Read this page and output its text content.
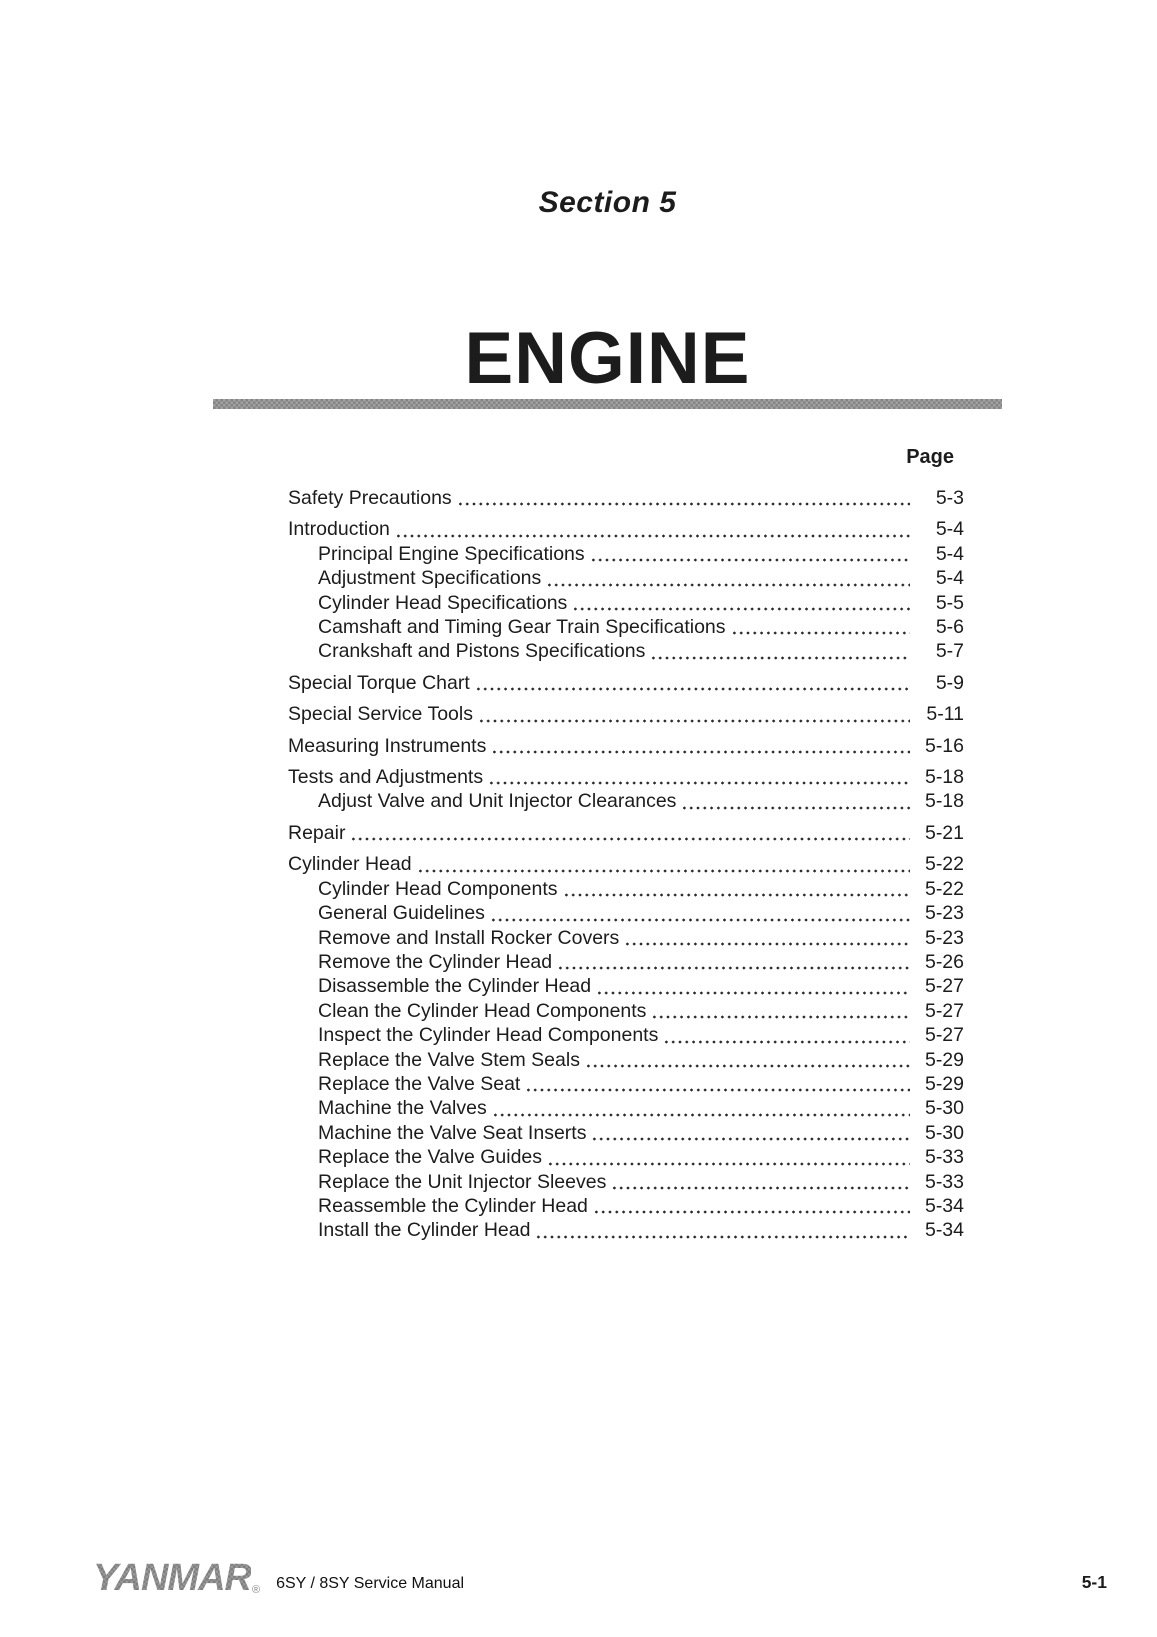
Section 5
ENGINE
Page
Safety Precautions	5-3
Introduction	5-4
Principal Engine Specifications	5-4
Adjustment Specifications	5-4
Cylinder Head Specifications	5-5
Camshaft and Timing Gear Train Specifications	5-6
Crankshaft and Pistons Specifications	5-7
Special Torque Chart	5-9
Special Service Tools	5-11
Measuring Instruments	5-16
Tests and Adjustments	5-18
Adjust Valve and Unit Injector Clearances	5-18
Repair	5-21
Cylinder Head	5-22
Cylinder Head Components	5-22
General Guidelines	5-23
Remove and Install Rocker Covers	5-23
Remove the Cylinder Head	5-26
Disassemble the Cylinder Head	5-27
Clean the Cylinder Head Components	5-27
Inspect the Cylinder Head Components	5-27
Replace the Valve Stem Seals	5-29
Replace the Valve Seat	5-29
Machine the Valves	5-30
Machine the Valve Seat Inserts	5-30
Replace the Valve Guides	5-33
Replace the Unit Injector Sleeves	5-33
Reassemble the Cylinder Head	5-34
Install the Cylinder Head	5-34
YANMAR ® 6SY / 8SY Service Manual	5-1
